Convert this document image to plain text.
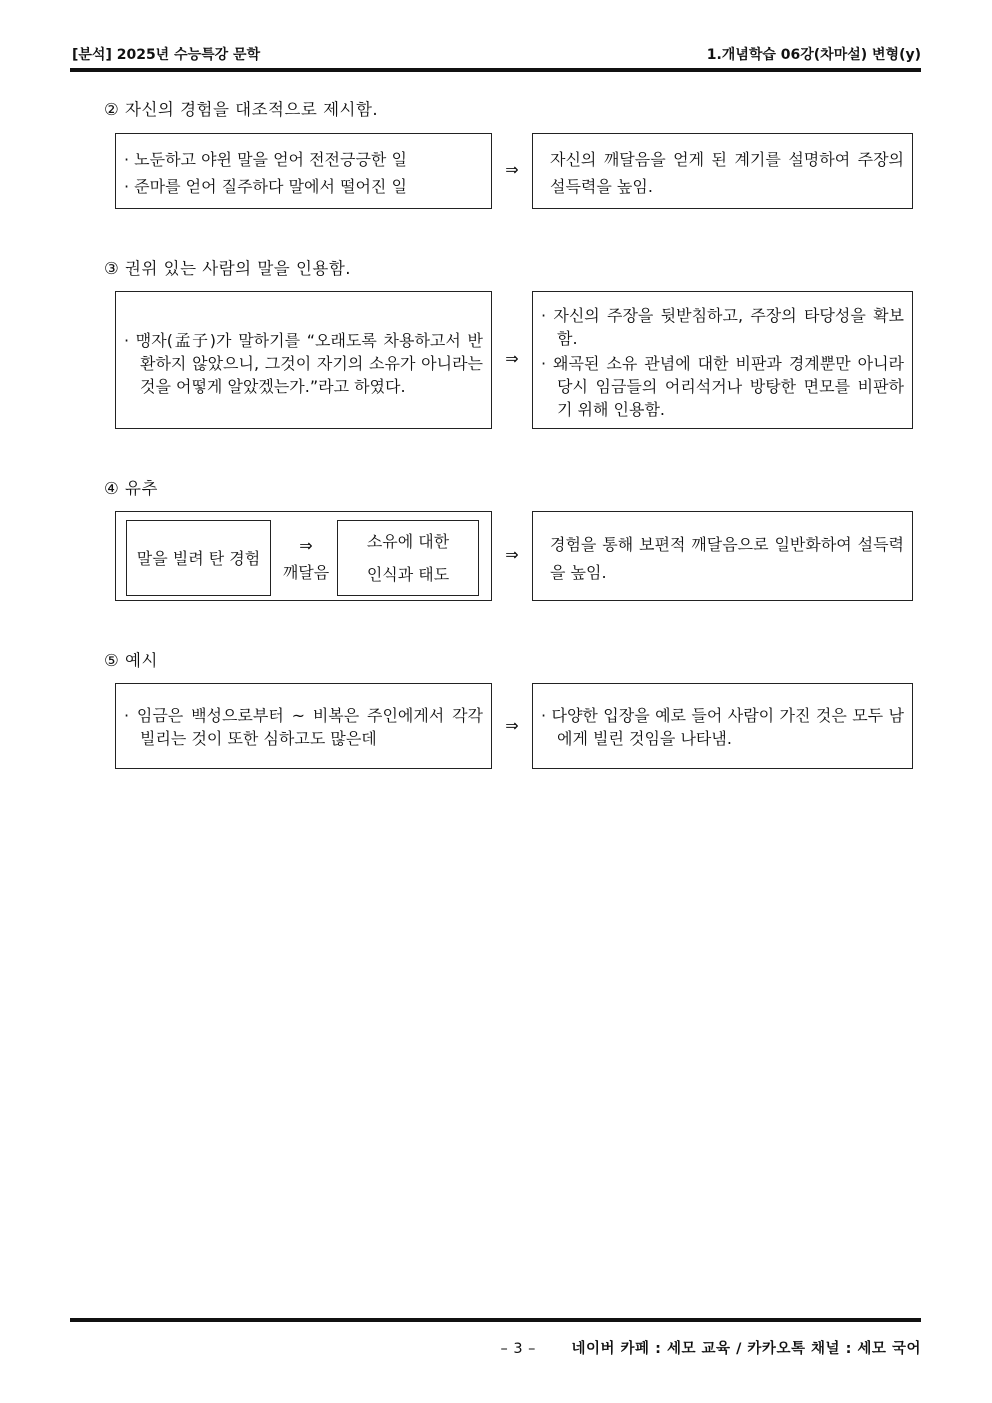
[분석] 2025년 수능특강 문학	1.개념학습 06강(차마설) 변형(y)
② 자신의 경험을 대조적으로 제시함.
· 노둔하고 야윈 말을 얻어 전전긍긍한 일
· 준마를 얻어 질주하다 말에서 떨어진 일
⇒
자신의 깨달음을 얻게 된 계기를 설명하여 주장의 설득력을 높임.
③ 권위 있는 사람의 말을 인용함.
· 맹자(孟子)가 말하기를 “오래도록 차용하고서 반환하지 않았으니, 그것이 자기의 소유가 아니라는 것을 어떻게 알았겠는가.”라고 하였다.
⇒
· 자신의 주장을 뒷받침하고, 주장의 타당성을 확보함.
· 왜곡된 소유 관념에 대한 비판과 경계뿐만 아니라 당시 임금들의 어리석거나 방탕한 면모를 비판하기 위해 인용함.
④ 유추
말을 빌려 탄 경험
⇒
깨달음
소유에 대한
인식과 태도
⇒
경험을 통해 보편적 깨달음으로 일반화하여 설득력을 높임.
⑤ 예시
· 임금은 백성으로부터 ~ 비복은 주인에게서 각각 빌리는 것이 또한 심하고도 많은데
⇒
· 다양한 입장을 예로 들어 사람이 가진 것은 모두 남에게 빌린 것임을 나타냄.
– 3 – 네이버 카페 : 세모 교육 / 카카오톡 채널 : 세모 국어
